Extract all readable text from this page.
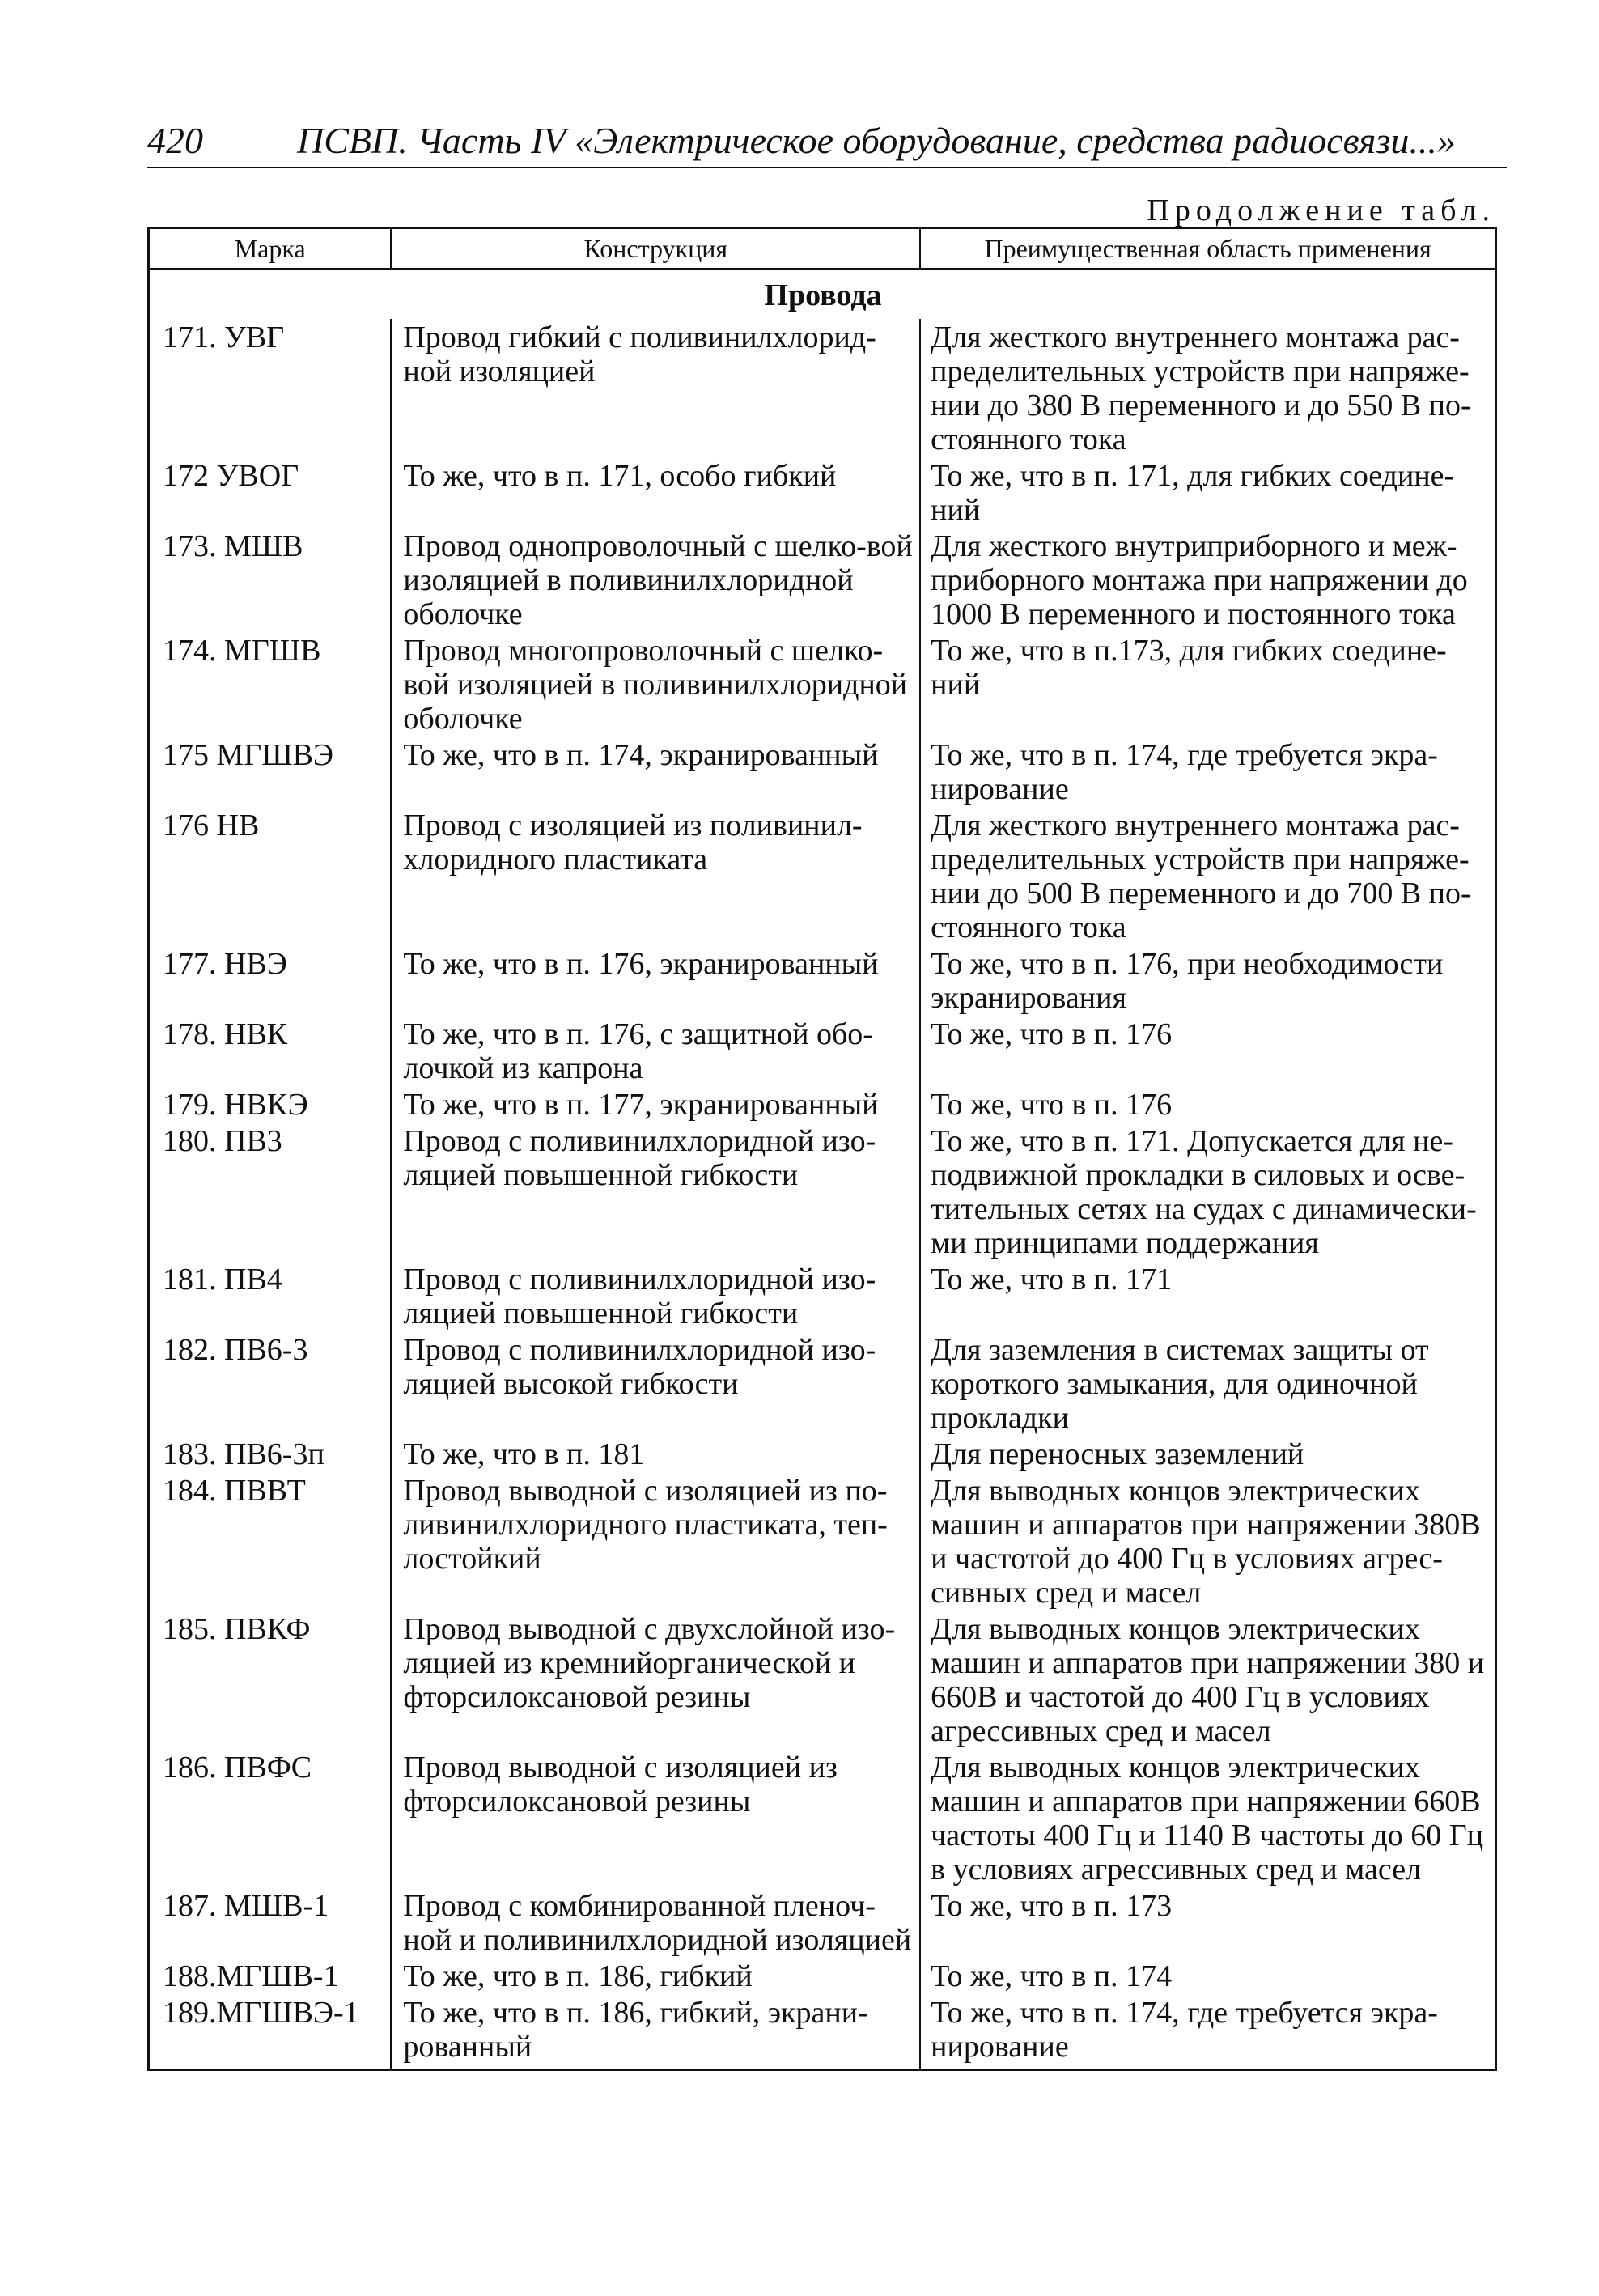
420	ПСВП. Часть IV «Электрическое оборудование, средства радиосвязи...»
Продолжение табл.
Марка	Конструкция	Преимущественная область применения
Провода		
171. УВГ	Провод гибкий с поливинилхлорид-ной изоляцией	Для жесткого внутреннего монтажа рас-пределительных устройств при напряже-нии до 380 В переменного и до 550 В по-стоянного тока
172 УВОГ	То же, что в п. 171, особо гибкий	То же, что в п. 171, для гибких соедине-ний
173. МШВ	Провод однопроволочный с шелко-вой изоляцией в поливинилхлоридной оболочке	Для жесткого внутриприборного и меж-приборного монтажа при напряжении до 1000 В переменного и постоянного тока
174. МГШВ	Провод многопроволочный с шелко-вой изоляцией в поливинилхлоридной оболочке	То же, что в п.173, для гибких соедине-ний
175 МГШВЭ	То же, что в п. 174, экранированный	То же, что в п. 174, где требуется экра-нирование
176 НВ	Провод с изоляцией из поливинил-хлоридного пластиката	Для жесткого внутреннего монтажа рас-пределительных устройств при напряже-нии до 500 В переменного и до 700 В по-стоянного тока
177. НВЭ	То же, что в п. 176, экранированный	То же, что в п. 176, при необходимости экранирования
178. НВК	То же, что в п. 176, с защитной обо-лочкой из капрона	То же, что в п. 176
179. НВКЭ	То же, что в п. 177, экранированный	То же, что в п. 176
180. ПВ3	Провод с поливинилхлоридной изо-ляцией повышенной гибкости	То же, что в п. 171. Допускается для не-подвижной прокладки в силовых и осве-тительных сетях на судах с динамически-ми принципами поддержания
181. ПВ4	Провод с поливинилхлоридной изо-ляцией повышенной гибкости	То же, что в п. 171
182. ПВ6-3	Провод с поливинилхлоридной изо-ляцией высокой гибкости	Для заземления в системах защиты от короткого замыкания, для одиночной прокладки
183. ПВ6-3п	То же, что в п. 181	Для переносных заземлений
184. ПВВТ	Провод выводной с изоляцией из по-ливинилхлоридного пластиката, теп-лостойкий	Для выводных концов электрических машин и аппаратов при напряжении 380В и частотой до 400 Гц в условиях агрес-сивных сред и масел
185. ПВКФ	Провод выводной с двухслойной изо-ляцией из кремнийорганической и фторсилоксановой резины	Для выводных концов электрических машин и аппаратов при напряжении 380 и 660В и частотой до 400 Гц в условиях агрессивных сред и масел
186. ПВФС	Провод выводной с изоляцией из фторсилоксановой резины	Для выводных концов электрических машин и аппаратов при напряжении 660В частоты 400 Гц и 1140 В частоты до 60 Гц в условиях агрессивных сред и масел
187. МШВ-1	Провод с комбинированной пленоч-ной и поливинилхлоридной изоляцией	То же, что в п. 173
188.МГШВ-1	То же, что в п. 186, гибкий	То же, что в п. 174
189.МГШВЭ-1	То же, что в п. 186, гибкий, экрани-рованный	То же, что в п. 174, где требуется экра-нирование
